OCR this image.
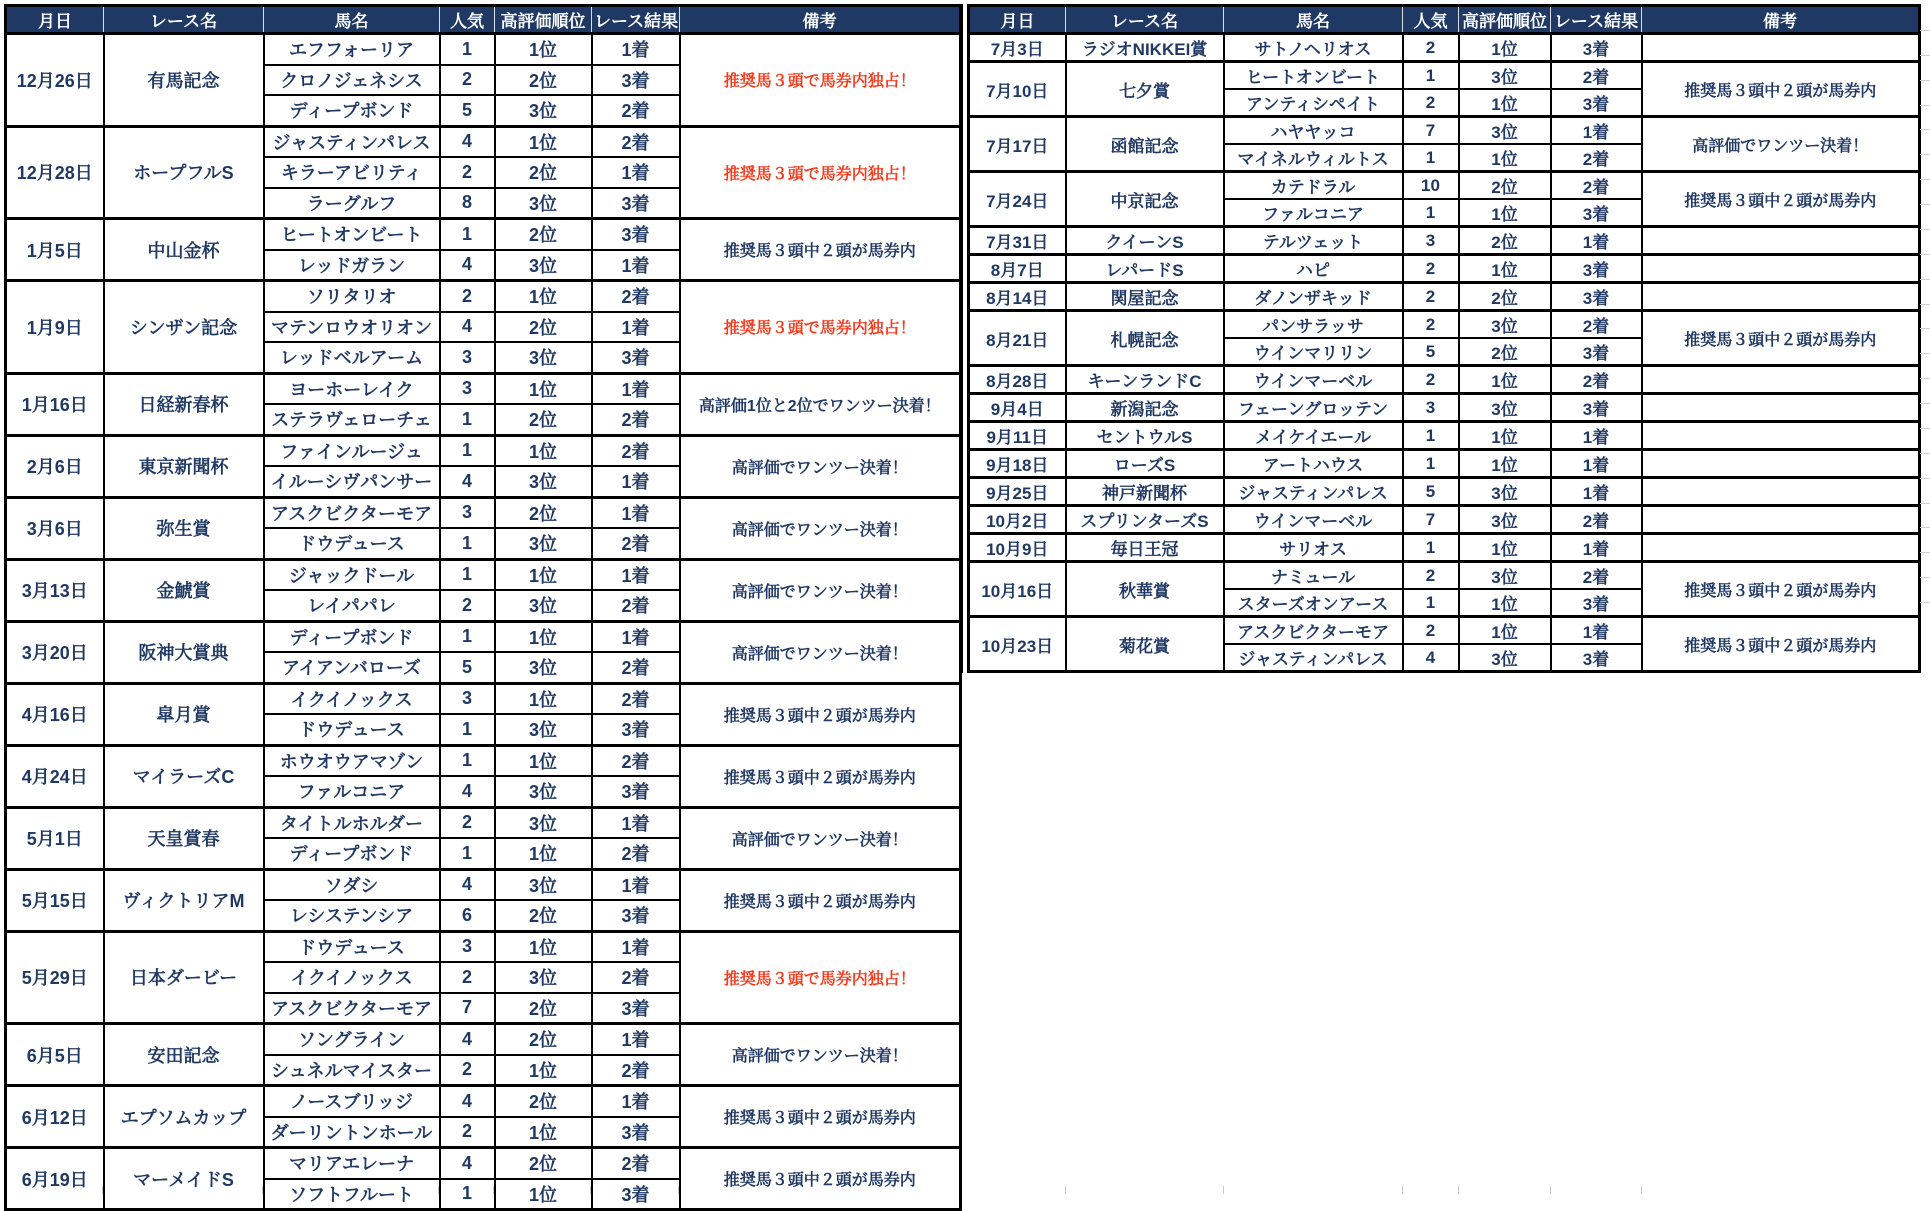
月日	レース名	馬名	人気	高評価順位	レース結果	備考
12月26日	有馬記念	エフフォーリア	1	1位	1着	推奨馬３頭で馬券内独占！
		クロノジェネシス	2	2位	3着	
		ディープボンド	5	3位	2着	
12月28日	ホープフルS	ジャスティンパレス	4	1位	2着	推奨馬３頭で馬券内独占！
		キラーアビリティ	2	2位	1着	
		ラーグルフ	8	3位	3着	
1月5日	中山金杯	ヒートオンビート	1	2位	3着	推奨馬３頭中２頭が馬券内
		レッドガラン	4	3位	1着	
1月9日	シンザン記念	ソリタリオ	2	1位	2着	推奨馬３頭で馬券内独占！
		マテンロウオリオン	4	2位	1着	
		レッドベルアーム	3	3位	3着	
1月16日	日経新春杯	ヨーホーレイク	3	1位	1着	高評価1位と2位でワンツー決着！
		ステラヴェローチェ	1	2位	2着	
2月6日	東京新聞杯	ファインルージュ	1	1位	2着	高評価でワンツー決着！
		イルーシヴパンサー	4	3位	1着	
3月6日	弥生賞	アスクビクターモア	3	2位	1着	高評価でワンツー決着！
		ドウデュース	1	3位	2着	
3月13日	金鯱賞	ジャックドール	1	1位	1着	高評価でワンツー決着！
		レイパパレ	2	3位	2着	
3月20日	阪神大賞典	ディープボンド	1	1位	1着	高評価でワンツー決着！
		アイアンバローズ	5	3位	2着	
4月16日	皐月賞	イクイノックス	3	1位	2着	推奨馬３頭中２頭が馬券内
		ドウデュース	1	3位	3着	
4月24日	マイラーズC	ホウオウアマゾン	1	1位	2着	推奨馬３頭中２頭が馬券内
		ファルコニア	4	3位	3着	
5月1日	天皇賞春	タイトルホルダー	2	3位	1着	高評価でワンツー決着！
		ディープボンド	1	1位	2着	
5月15日	ヴィクトリアM	ソダシ	4	3位	1着	推奨馬３頭中２頭が馬券内
		レシステンシア	6	2位	3着	
5月29日	日本ダービー	ドウデュース	3	1位	1着	推奨馬３頭で馬券内独占！
		イクイノックス	2	3位	2着	
		アスクビクターモア	7	2位	3着	
6月5日	安田記念	ソングライン	4	2位	1着	高評価でワンツー決着！
		シュネルマイスター	2	1位	2着	
6月12日	エプソムカップ	ノースブリッジ	4	2位	1着	推奨馬３頭中２頭が馬券内
		ダーリントンホール	2	1位	3着	
6月19日	マーメイドS	マリアエレーナ	4	2位	2着	推奨馬３頭中２頭が馬券内
		ソフトフルート	1	1位	3着	
月日	レース名	馬名	人気	高評価順位	レース結果	備考
7月3日	ラジオNIKKEI賞	サトノヘリオス	2	1位	3着	
7月10日	七夕賞	ヒートオンビート	1	3位	2着	推奨馬３頭中２頭が馬券内
		アンティシペイト	2	1位	3着	
7月17日	函館記念	ハヤヤッコ	7	3位	1着	高評価でワンツー決着！
		マイネルウィルトス	1	1位	2着	
7月24日	中京記念	カテドラル	10	2位	2着	推奨馬３頭中２頭が馬券内
		ファルコニア	1	1位	3着	
7月31日	クイーンS	テルツェット	3	2位	1着	
8月7日	レパードS	ハピ	2	1位	3着	
8月14日	関屋記念	ダノンザキッド	2	2位	3着	
8月21日	札幌記念	パンサラッサ	2	3位	2着	推奨馬３頭中２頭が馬券内
		ウインマリリン	5	2位	3着	
8月28日	キーンランドC	ウインマーベル	2	1位	2着	
9月4日	新潟記念	フェーングロッテン	3	3位	3着	
9月11日	セントウルS	メイケイエール	1	1位	1着	
9月18日	ローズS	アートハウス	1	1位	1着	
9月25日	神戸新聞杯	ジャスティンパレス	5	3位	1着	
10月2日	スプリンターズS	ウインマーベル	7	3位	2着	
10月9日	毎日王冠	サリオス	1	1位	1着	
10月16日	秋華賞	ナミュール	2	3位	2着	推奨馬３頭中２頭が馬券内
		スターズオンアース	1	1位	3着	
10月23日	菊花賞	アスクビクターモア	2	1位	1着	推奨馬３頭中２頭が馬券内
		ジャスティンパレス	4	3位	3着	
